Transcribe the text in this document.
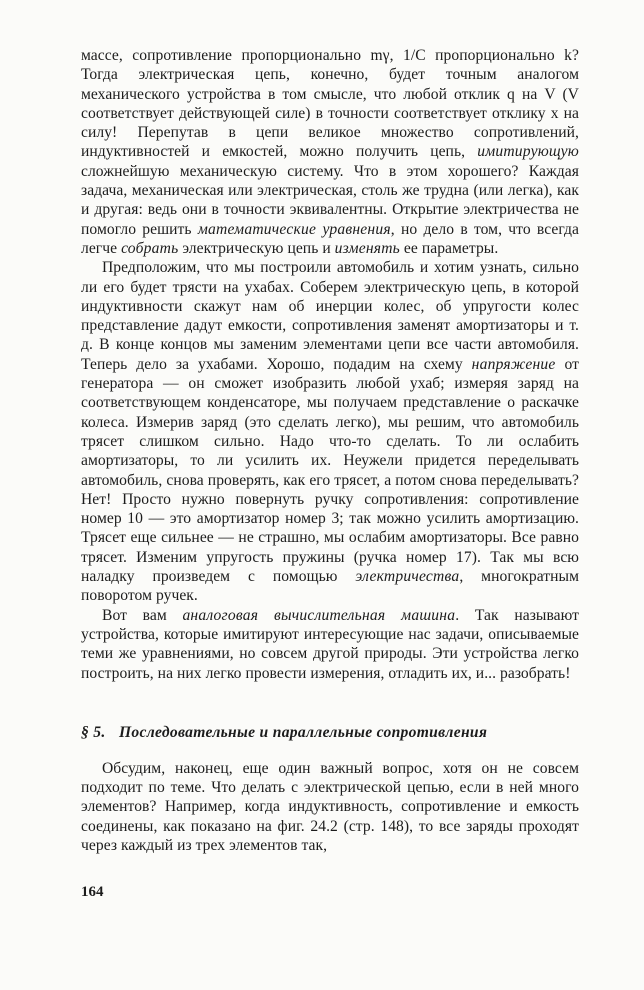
массе, сопротивление пропорционально mγ, 1/C пропорционально k? Тогда электрическая цепь, конечно, будет точным аналогом механического устройства в том смысле, что любой отклик q на V (V соответствует действующей силе) в точности соответствует отклику x на силу! Перепутав в цепи великое множество сопротивлений, индуктивностей и емкостей, можно получить цепь, имитирующую сложнейшую механическую систему. Что в этом хорошего? Каждая задача, механическая или электрическая, столь же трудна (или легка), как и другая: ведь они в точности эквивалентны. Открытие электричества не помогло решить математические уравнения, но дело в том, что всегда легче собрать электрическую цепь и изменять ее параметры.

Предположим, что мы построили автомобиль и хотим узнать, сильно ли его будет трясти на ухабах. Соберем электрическую цепь, в которой индуктивности скажут нам об инерции колес, об упругости колес представление дадут емкости, сопротивления заменят амортизаторы и т. д. В конце концов мы заменим элементами цепи все части автомобиля. Теперь дело за ухабами. Хорошо, подадим на схему напряжение от генератора — он сможет изобразить любой ухаб; измеряя заряд на соответствующем конденсаторе, мы получаем представление о раскачке колеса. Измерив заряд (это сделать легко), мы решим, что автомобиль трясет слишком сильно. Надо что-то сделать. То ли ослабить амортизаторы, то ли усилить их. Неужели придется переделывать автомобиль, снова проверять, как его трясет, а потом снова переделывать? Нет! Просто нужно повернуть ручку сопротивления: сопротивление номер 10 — это амортизатор номер 3; так можно усилить амортизацию. Трясет еще сильнее — не страшно, мы ослабим амортизаторы. Все равно трясет. Изменим упругость пружины (ручка номер 17). Так мы всю наладку произведем с помощью электричества, многократным поворотом ручек.

Вот вам аналоговая вычислительная машина. Так называют устройства, которые имитируют интересующие нас задачи, описываемые теми же уравнениями, но совсем другой природы. Эти устройства легко построить, на них легко провести измерения, отладить их, и... разобрать!

§ 5. Последовательные и параллельные сопротивления

Обсудим, наконец, еще один важный вопрос, хотя он не совсем подходит по теме. Что делать с электрической цепью, если в ней много элементов? Например, когда индуктивность, сопротивление и емкость соединены, как показано на фиг. 24.2 (стр. 148), то все заряды проходят через каждый из трех элементов так,

164
